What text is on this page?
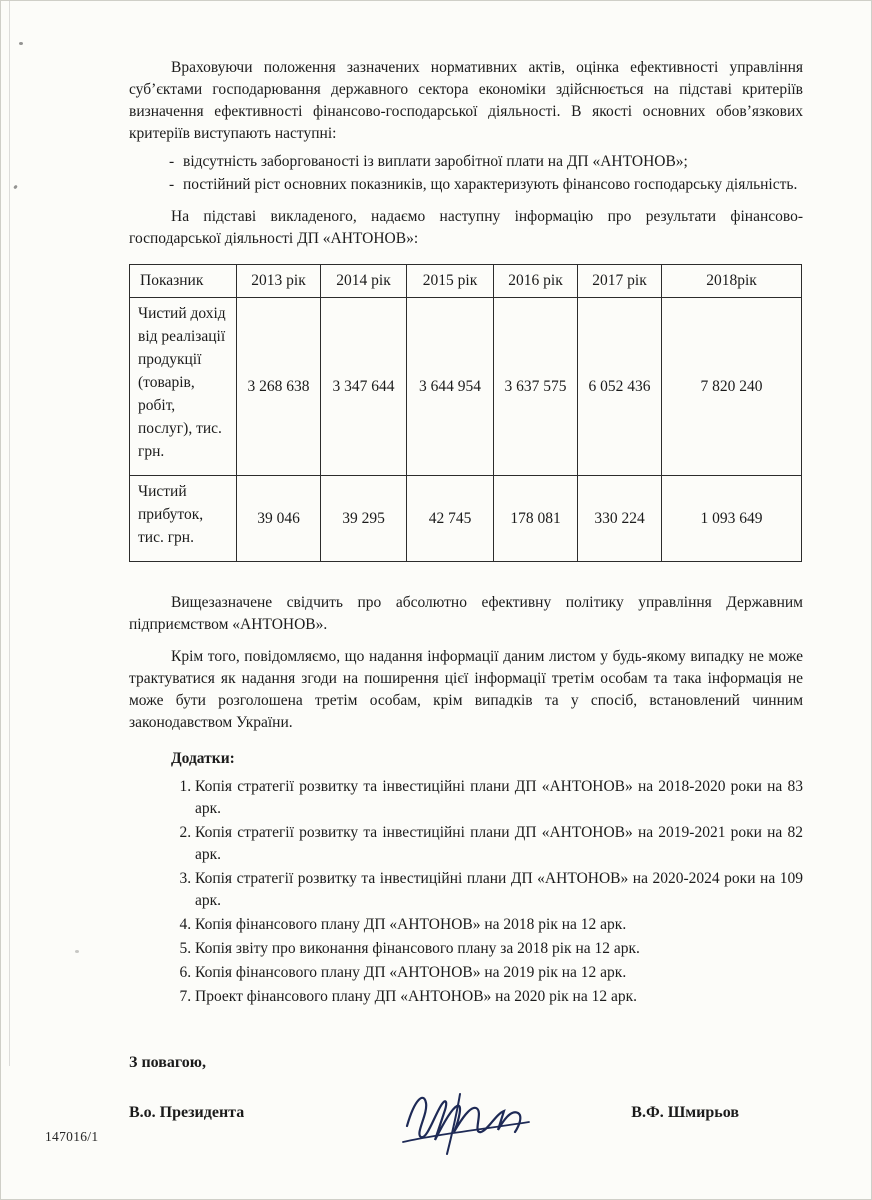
Враховуючи положення зазначених нормативних актів, оцінка ефективності управління суб’єктами господарювання державного сектора економіки здійснюється на підставі критеріїв визначення ефективності фінансово-господарської діяльності. В якості основних обов’язкових критеріїв виступають наступні:

- відсутність заборгованості із виплати заробітної плати на ДП «АНТОНОВ»;
- постійний ріст основних показників, що характеризують фінансово господарську діяльність.

На підставі викладеного, надаємо наступну інформацію про результати фінансово-господарської діяльності ДП «АНТОНОВ»:

Показник	2013 рік	2014 рік	2015 рік	2016 рік	2017 рік	2018рік
Чистий дохід від реалізації продукції (товарів, робіт, послуг), тис. грн.	3 268 638	3 347 644	3 644 954	3 637 575	6 052 436	7 820 240
Чистий прибуток, тис. грн.	39 046	39 295	42 745	178 081	330 224	1 093 649

Вищезазначене свідчить про абсолютно ефективну політику управління Державним підприємством «АНТОНОВ».

Крім того, повідомляємо, що надання інформації даним листом у будь-якому випадку не може трактуватися як надання згоди на поширення цієї інформації третім особам та така інформація не може бути розголошена третім особам, крім випадків та у спосіб, встановлений чинним законодавством України.

Додатки:

1. Копія стратегії розвитку та інвестиційні плани ДП «АНТОНОВ» на 2018-2020 роки на 83 арк.
2. Копія стратегії розвитку та інвестиційні плани ДП «АНТОНОВ» на 2019-2021 роки на 82 арк.
3. Копія стратегії розвитку та інвестиційні плани ДП «АНТОНОВ» на 2020-2024 роки на 109 арк.
4. Копія фінансового плану ДП «АНТОНОВ» на 2018 рік на 12 арк.
5. Копія звіту про виконання фінансового плану за 2018 рік на 12 арк.
6. Копія фінансового плану ДП «АНТОНОВ» на 2019 рік на 12 арк.
7. Проект фінансового плану ДП «АНТОНОВ» на 2020 рік на 12 арк.

З повагою,

В.о. Президента	В.Ф. Шмирьов
147016/1
